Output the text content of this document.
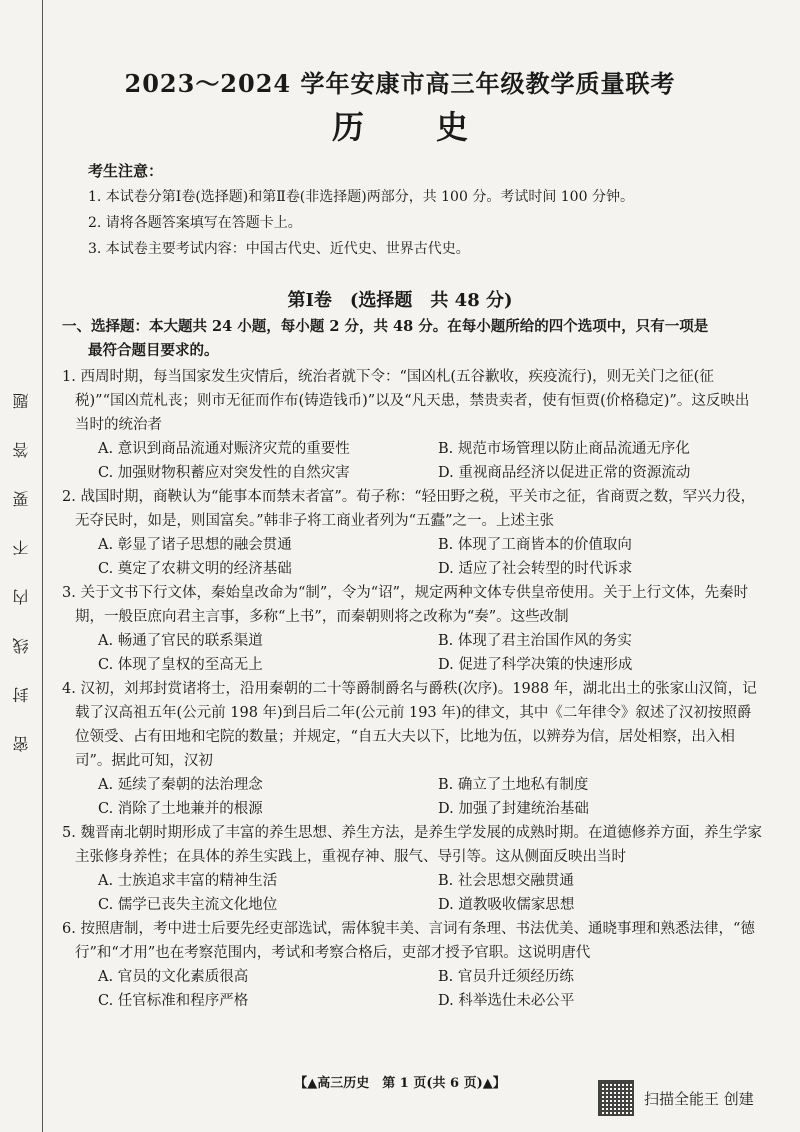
密封线内不要答题
2023～2024 学年安康市高三年级教学质量联考
历史
考生注意：
1. 本试卷分第Ⅰ卷(选择题)和第Ⅱ卷(非选择题)两部分，共 100 分。考试时间 100 分钟。
2. 请将各题答案填写在答题卡上。
3. 本试卷主要考试内容：中国古代史、近代史、世界古代史。
第Ⅰ卷　(选择题　共 48 分)
一、选择题：本大题共 24 小题，每小题 2 分，共 48 分。在每小题所给的四个选项中，只有一项是
最符合题目要求的。
1. 西周时期，每当国家发生灾情后，统治者就下令：“国凶札(五谷歉收，疾疫流行)，则无关门之征(征税)”“国凶荒札丧；则市无征而作布(铸造钱币)”以及“凡天患，禁贵卖者，使有恒贾(价格稳定)”。这反映出当时的统治者
A. 意识到商品流通对赈济灾荒的重要性	B. 规范市场管理以防止商品流通无序化
C. 加强财物积蓄应对突发性的自然灾害	D. 重视商品经济以促进正常的资源流动
2. 战国时期，商鞅认为“能事本而禁末者富”。荀子称：“轻田野之税，平关市之征，省商贾之数，罕兴力役，无夺民时，如是，则国富矣。”韩非子将工商业者列为“五蠹”之一。上述主张
A. 彰显了诸子思想的融会贯通	B. 体现了工商皆本的价值取向
C. 奠定了农耕文明的经济基础	D. 适应了社会转型的时代诉求
3. 关于文书下行文体，秦始皇改命为“制”，令为“诏”，规定两种文体专供皇帝使用。关于上行文体，先秦时期，一般臣庶向君主言事，多称“上书”，而秦朝则将之改称为“奏”。这些改制
A. 畅通了官民的联系渠道	B. 体现了君主治国作风的务实
C. 体现了皇权的至高无上	D. 促进了科学决策的快速形成
4. 汉初，刘邦封赏诸将士，沿用秦朝的二十等爵制爵名与爵秩(次序)。1988 年，湖北出土的张家山汉简，记载了汉高祖五年(公元前 198 年)到吕后二年(公元前 193 年)的律文，其中《二年律令》叙述了汉初按照爵位领受、占有田地和宅院的数量；并规定，“自五大夫以下，比地为伍，以辨券为信，居处相察，出入相司”。据此可知，汉初
A. 延续了秦朝的法治理念	B. 确立了土地私有制度
C. 消除了土地兼并的根源	D. 加强了封建统治基础
5. 魏晋南北朝时期形成了丰富的养生思想、养生方法，是养生学发展的成熟时期。在道德修养方面，养生学家主张修身养性；在具体的养生实践上，重视存神、服气、导引等。这从侧面反映出当时
A. 士族追求丰富的精神生活	B. 社会思想交融贯通
C. 儒学已丧失主流文化地位	D. 道教吸收儒家思想
6. 按照唐制，考中进士后要先经吏部选试，需体貌丰美、言词有条理、书法优美、通晓事理和熟悉法律，“德行”和“才用”也在考察范围内，考试和考察合格后，吏部才授予官职。这说明唐代
A. 官员的文化素质很高	B. 官员升迁须经历练
C. 任官标准和程序严格	D. 科举选仕未必公平
【▲高三历史　第 1 页(共 6 页)▲】
扫描全能王 创建
